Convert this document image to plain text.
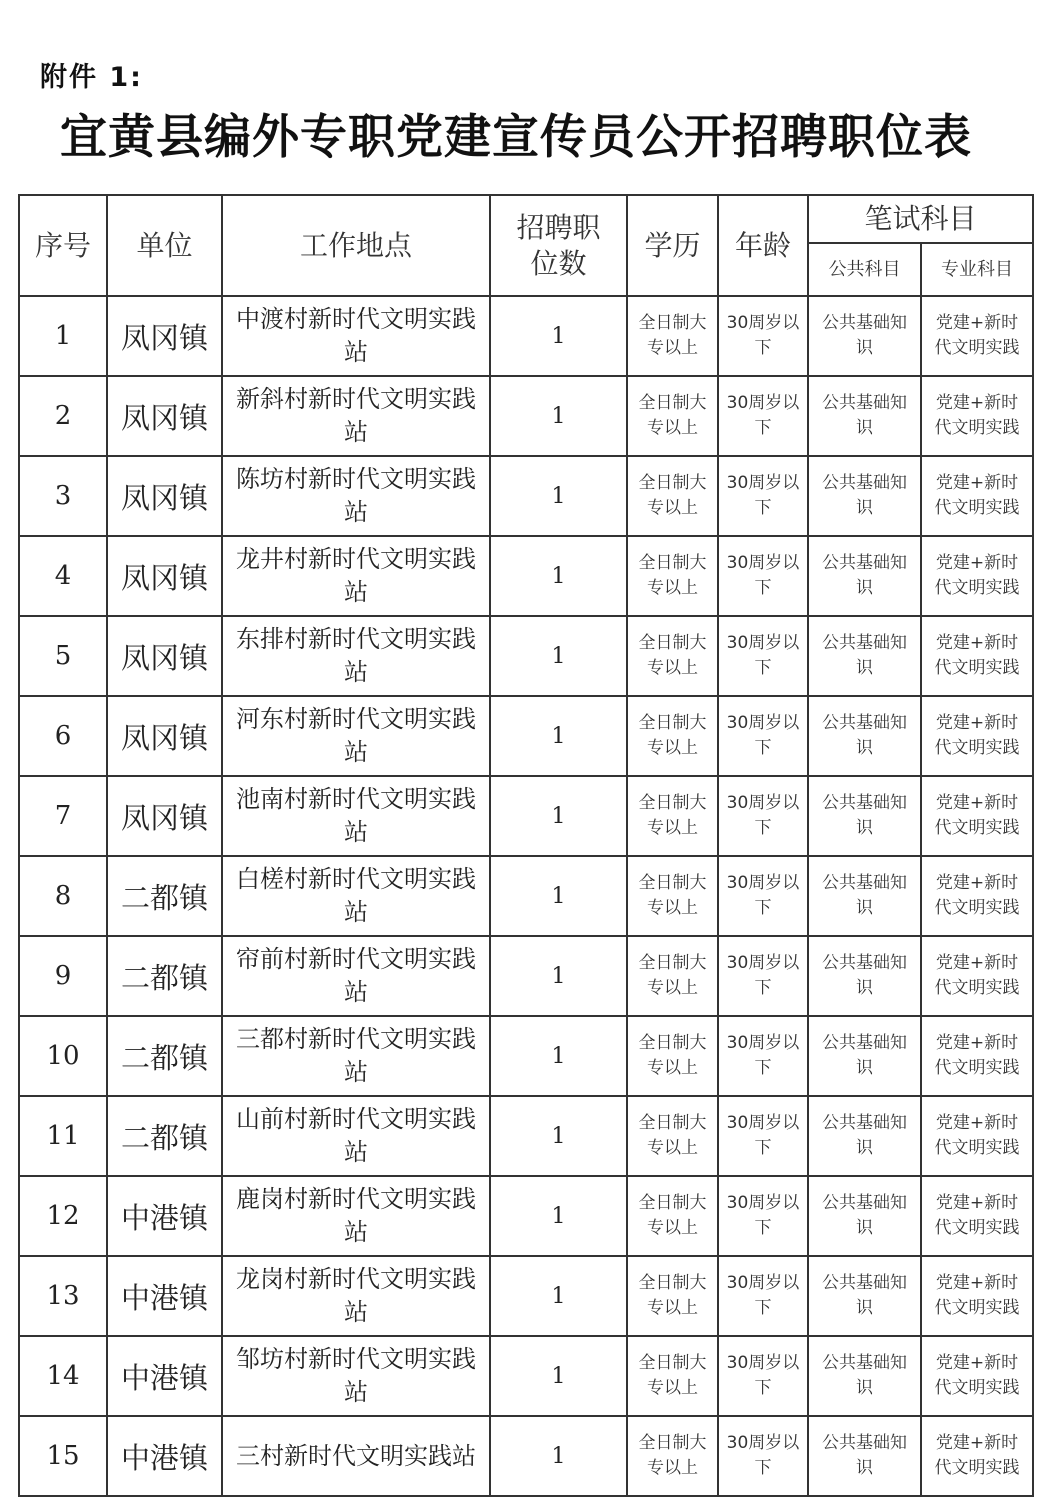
附件 1:
宜黄县编外专职党建宣传员公开招聘职位表
序号	单位	工作地点	招聘职位数	学历	年龄	笔试科目	
						公共科目	专业科目
1	凤冈镇	中渡村新时代文明实践站	1	全日制大专以上	30周岁以下	公共基础知识	党建+新时代文明实践
2	凤冈镇	新斜村新时代文明实践站	1	全日制大专以上	30周岁以下	公共基础知识	党建+新时代文明实践
3	凤冈镇	陈坊村新时代文明实践站	1	全日制大专以上	30周岁以下	公共基础知识	党建+新时代文明实践
4	凤冈镇	龙井村新时代文明实践站	1	全日制大专以上	30周岁以下	公共基础知识	党建+新时代文明实践
5	凤冈镇	东排村新时代文明实践站	1	全日制大专以上	30周岁以下	公共基础知识	党建+新时代文明实践
6	凤冈镇	河东村新时代文明实践站	1	全日制大专以上	30周岁以下	公共基础知识	党建+新时代文明实践
7	凤冈镇	池南村新时代文明实践站	1	全日制大专以上	30周岁以下	公共基础知识	党建+新时代文明实践
8	二都镇	白槎村新时代文明实践站	1	全日制大专以上	30周岁以下	公共基础知识	党建+新时代文明实践
9	二都镇	帘前村新时代文明实践站	1	全日制大专以上	30周岁以下	公共基础知识	党建+新时代文明实践
10	二都镇	三都村新时代文明实践站	1	全日制大专以上	30周岁以下	公共基础知识	党建+新时代文明实践
11	二都镇	山前村新时代文明实践站	1	全日制大专以上	30周岁以下	公共基础知识	党建+新时代文明实践
12	中港镇	鹿岗村新时代文明实践站	1	全日制大专以上	30周岁以下	公共基础知识	党建+新时代文明实践
13	中港镇	龙岗村新时代文明实践站	1	全日制大专以上	30周岁以下	公共基础知识	党建+新时代文明实践
14	中港镇	邹坊村新时代文明实践站	1	全日制大专以上	30周岁以下	公共基础知识	党建+新时代文明实践
15	中港镇	三村新时代文明实践站	1	全日制大专以上	30周岁以下	公共基础知识	党建+新时代文明实践
